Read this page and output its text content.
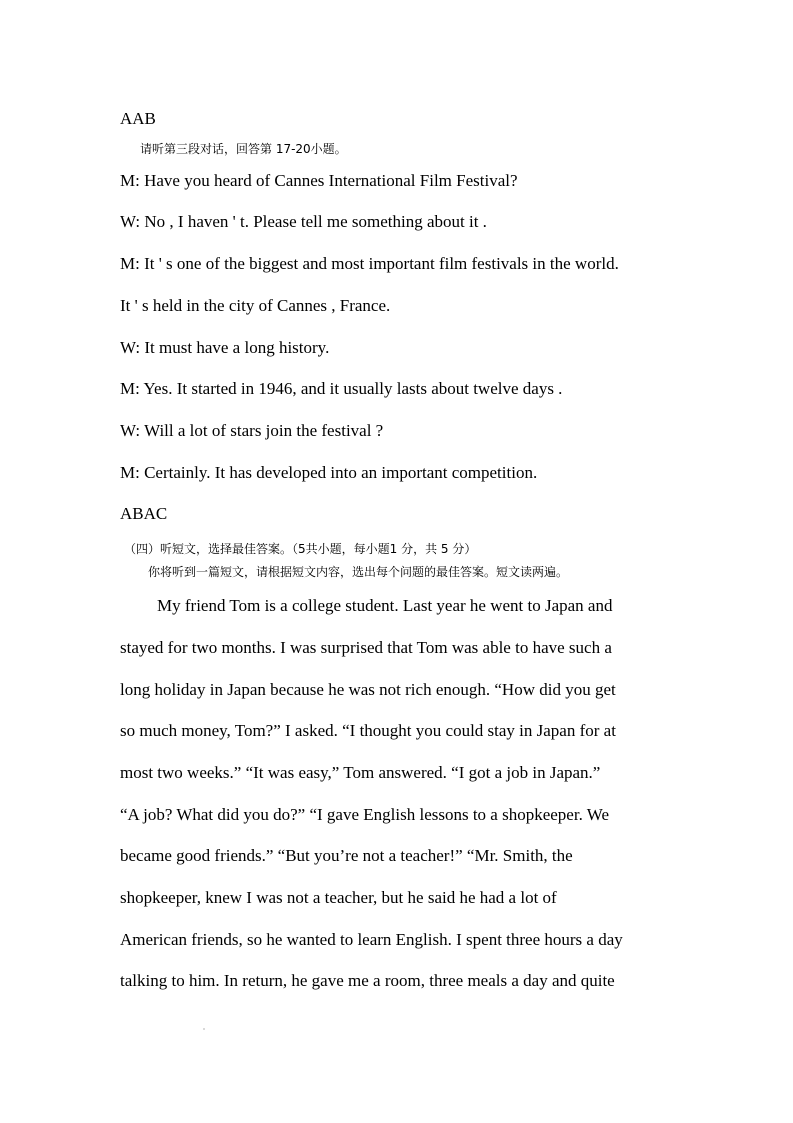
AAB
请听第三段对话，回答第 17-20小题。
M: Have you heard of Cannes International Film Festival?
W: No , I haven ' t. Please tell me something about it .
M: It ' s one of the biggest and most important film festivals in the world.
It ' s held in the city of Cannes , France.
W: It must have a long history.
M: Yes. It started in 1946, and it usually lasts about twelve days .
W: Will a lot of stars join the festival ?
M: Certainly. It has developed into an important competition.
ABAC
（四）听短文，选择最佳答案。（5共小题，每小题1 分，共 5 分）
你将听到一篇短文，请根据短文内容，选出每个问题的最佳答案。短文读两遍。
My friend Tom is a college student. Last year he went to Japan and
stayed for two months. I was surprised that Tom was able to have such a
long holiday in Japan because he was not rich enough. “How did you get
so much money, Tom?” I asked. “I thought you could stay in Japan for at
most two weeks.” “It was easy,” Tom answered. “I got a job in Japan.”
“A job? What did you do?” “I gave English lessons to a shopkeeper. We
became good friends.” “But you’re not a teacher!” “Mr. Smith, the
shopkeeper, knew I was not a teacher, but he said he had a lot of
American friends, so he wanted to learn English. I spent three hours a day
talking to him. In return, he gave me a room, three meals a day and quite
